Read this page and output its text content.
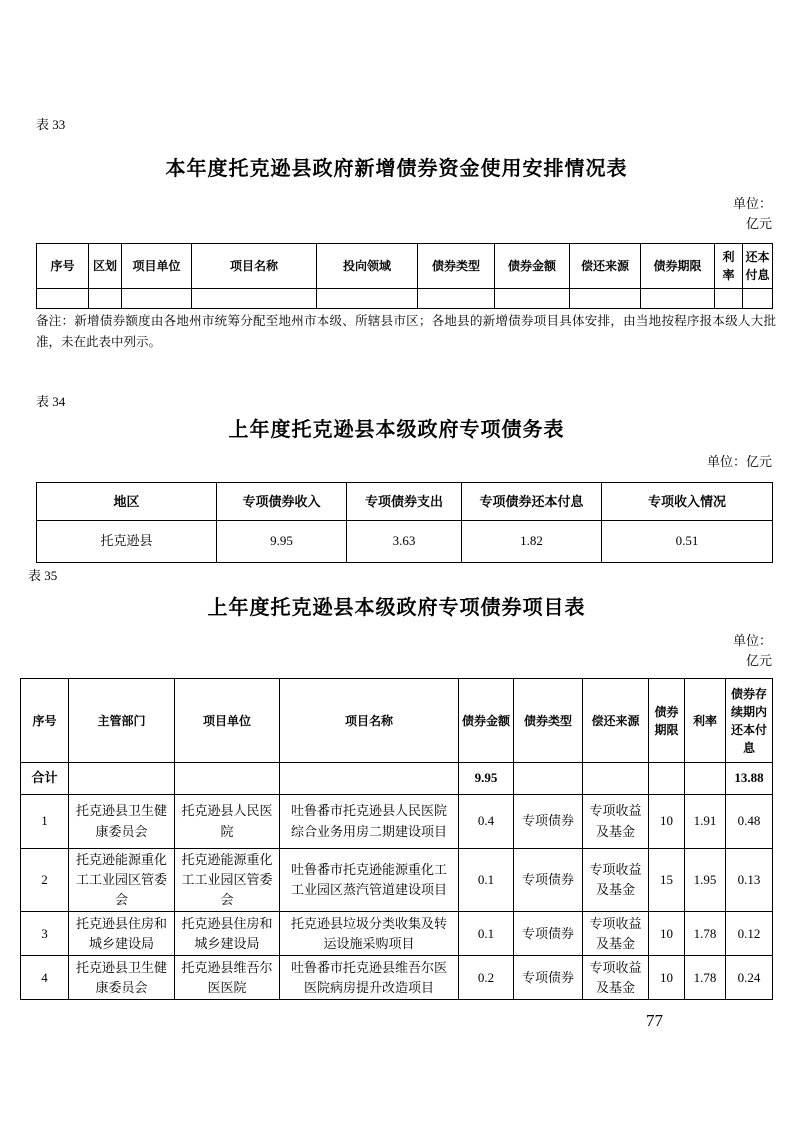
表 33
本年度托克逊县政府新增债券资金使用安排情况表
单位：
亿元
序号	区划	项目单位	项目名称	投向领域	债券类型	债券金额	偿还来源	债券期限	利率	还本付息

备注：新增债券额度由各地州市统筹分配至地州市本级、所辖县市区；各地县的新增债券项目具体安排，由当地按程序报本级人大批准，未在此表中列示。
表 34
上年度托克逊县本级政府专项债务表
单位：亿元
地区	专项债券收入	专项债券支出	专项债券还本付息	专项收入情况
托克逊县	9.95	3.63	1.82	0.51
表 35
上年度托克逊县本级政府专项债券项目表
单位：
亿元
序号	主管部门	项目单位	项目名称	债券金额	债券类型	偿还来源	债券期限	利率	债券存续期内还本付息
合计				9.95					13.88
1	托克逊县卫生健康委员会	托克逊县人民医院	吐鲁番市托克逊县人民医院综合业务用房二期建设项目	0.4	专项债券	专项收益及基金	10	1.91	0.48
2	托克逊能源重化工工业园区管委会	托克逊能源重化工工业园区管委会	吐鲁番市托克逊能源重化工工业园区蒸汽管道建设项目	0.1	专项债券	专项收益及基金	15	1.95	0.13
3	托克逊县住房和城乡建设局	托克逊县住房和城乡建设局	托克逊县垃圾分类收集及转运设施采购项目	0.1	专项债券	专项收益及基金	10	1.78	0.12
4	托克逊县卫生健康委员会	托克逊县维吾尔医医院	吐鲁番市托克逊县维吾尔医医院病房提升改造项目	0.2	专项债券	专项收益及基金	10	1.78	0.24
77
